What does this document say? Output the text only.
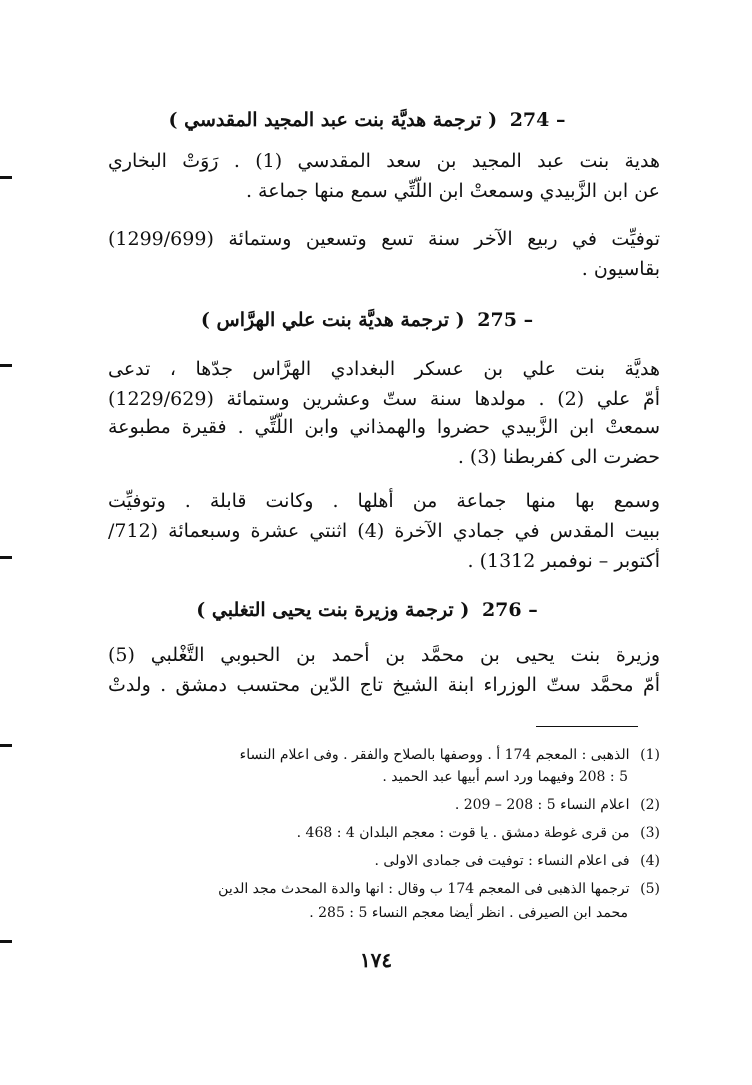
274 – ( ترجمة هديَّة بنت عبد المجيد المقدسي )
هدية بنت عبد المجيد بن سعد المقدسي (1) . رَوَتْ البخاري
عن ابن الزَّبيدي وسمعتْ ابن اللَّتِّي سمع منها جماعة .
توفيِّت في ربيع الآخر سنة تسع وتسعين وستمائة (1299/699)
بقاسيون .
275 – ( ترجمة هديَّة بنت علي الهرَّاس )
هديَّة بنت علي بن عسكر البغدادي الهرَّاس جدّها ، تدعى
أمّ علي (2) . مولدها سنة ستّ وعشرين وستمائة (1229/629)
سمعتْ ابن الزَّبيدي حضروا والهمذاني وابن اللَّتِّي . فقيرة مطبوعة
حضرت الى كفربطنا (3) .
وسمع بها منها جماعة من أهلها . وكانت قابلة . وتوفيِّت
ببيت المقدس في جمادي الآخرة (4) اثنتي عشرة وسبعمائة (712/
أكتوبر – نوفمبر 1312) .
276 – ( ترجمة وزيرة بنت يحيى التغلبي )
وزيرة بنت يحيى بن محمَّد بن أحمد بن الحبوبي التَّغْلبي (5)
أمّ محمَّد ستّ الوزراء ابنة الشيخ تاج الدّين محتسب دمشق . ولدتْ
(1) الذهبى : المعجم 174 أ . ووصفها بالصلاح والفقر . وفى اعلام النساء
5 : 208 وفيهما ورد اسم أبيها عبد الحميد .
(2) اعلام النساء 5 : 208 – 209 .
(3) من قرى غوطة دمشق . يا قوت : معجم البلدان 4 : 468 .
(4) فى اعلام النساء : توفيت فى جمادى الاولى .
(5) ترجمها الذهبى فى المعجم 174 ب وقال : انها والدة المحدث مجد الدين
محمد ابن الصيرفى . انظر أيضا معجم النساء 5 : 285 .
١٧٤
